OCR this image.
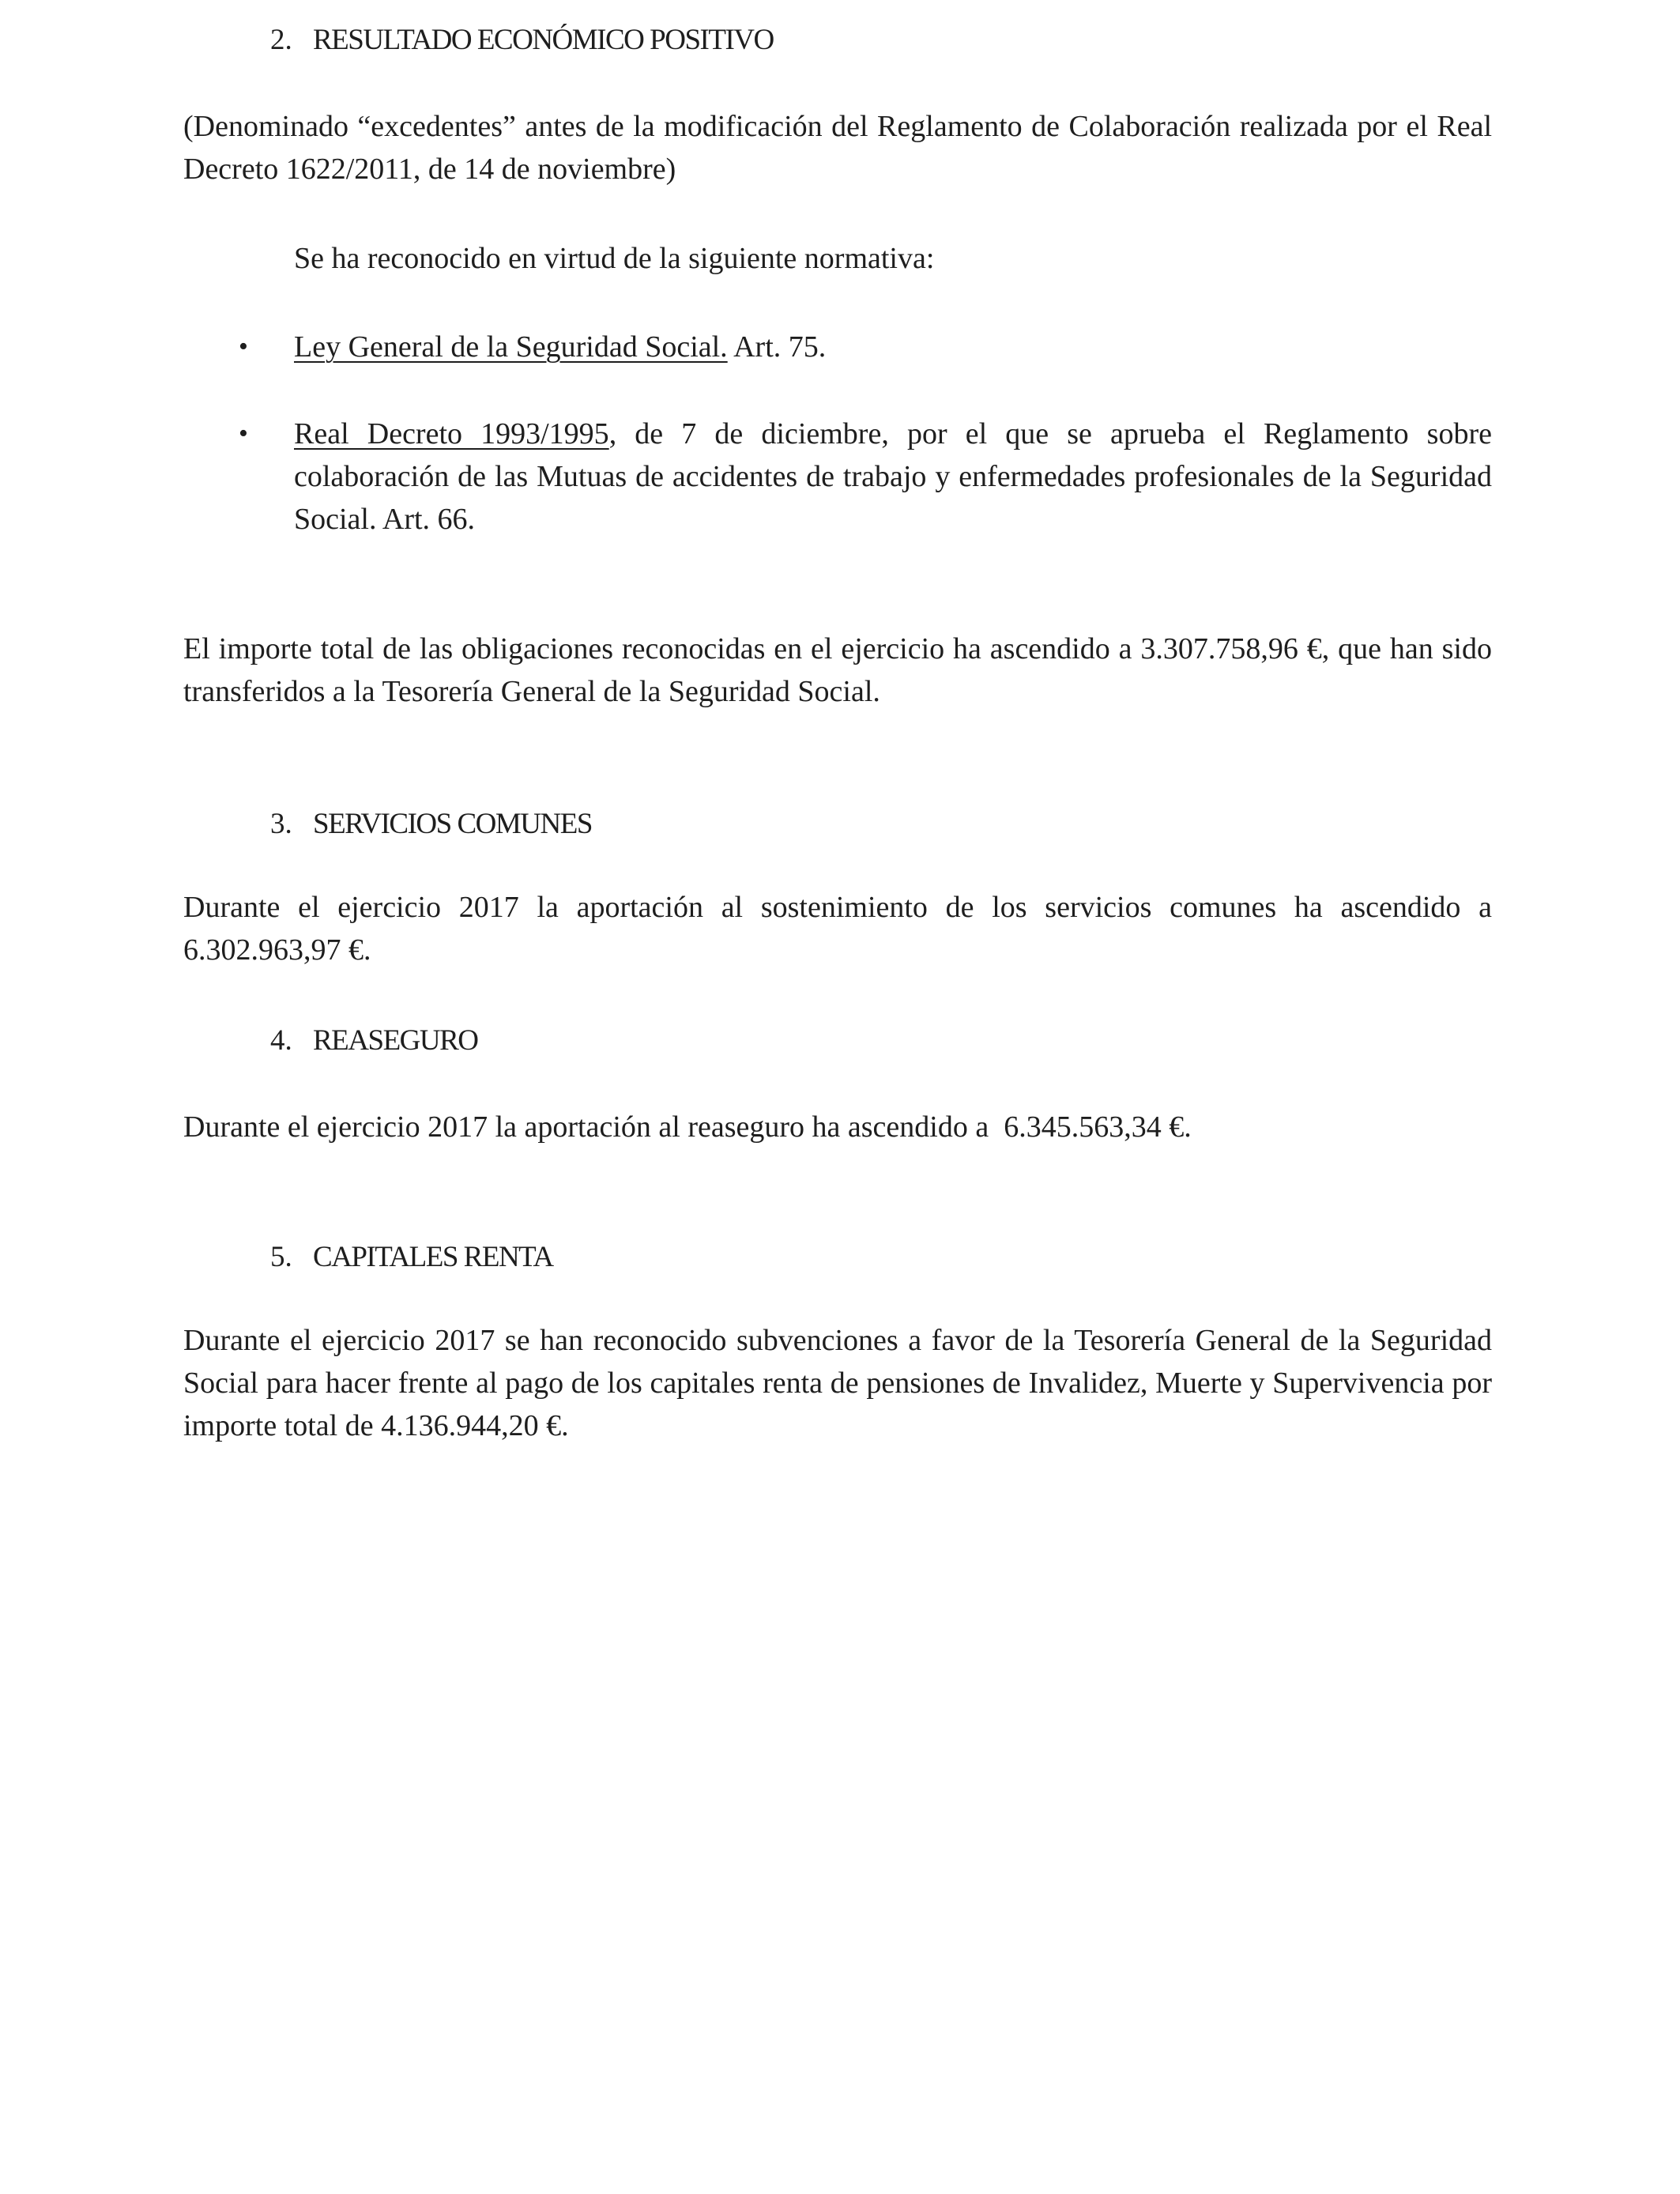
2. RESULTADO ECONÓMICO POSITIVO
(Denominado “excedentes” antes de la modificación del Reglamento de Colaboración realizada por el Real Decreto 1622/2011, de 14 de noviembre)
Se ha reconocido en virtud de la siguiente normativa:
• Ley General de la Seguridad Social. Art. 75.
• Real Decreto 1993/1995, de 7 de diciembre, por el que se aprueba el Reglamento sobre colaboración de las Mutuas de accidentes de trabajo y enfermedades profesionales de la Seguridad Social. Art. 66.
El importe total de las obligaciones reconocidas en el ejercicio ha ascendido a 3.307.758,96 €, que han sido transferidos a la Tesorería General de la Seguridad Social.
3. SERVICIOS COMUNES
Durante el ejercicio 2017 la aportación al sostenimiento de los servicios comunes ha ascendido a 6.302.963,97 €.
4. REASEGURO
Durante el ejercicio 2017 la aportación al reaseguro ha ascendido a  6.345.563,34 €.
5. CAPITALES RENTA
Durante el ejercicio 2017 se han reconocido subvenciones a favor de la Tesorería General de la Seguridad Social para hacer frente al pago de los capitales renta de pensiones de Invalidez, Muerte y Supervivencia por importe total de 4.136.944,20 €.
